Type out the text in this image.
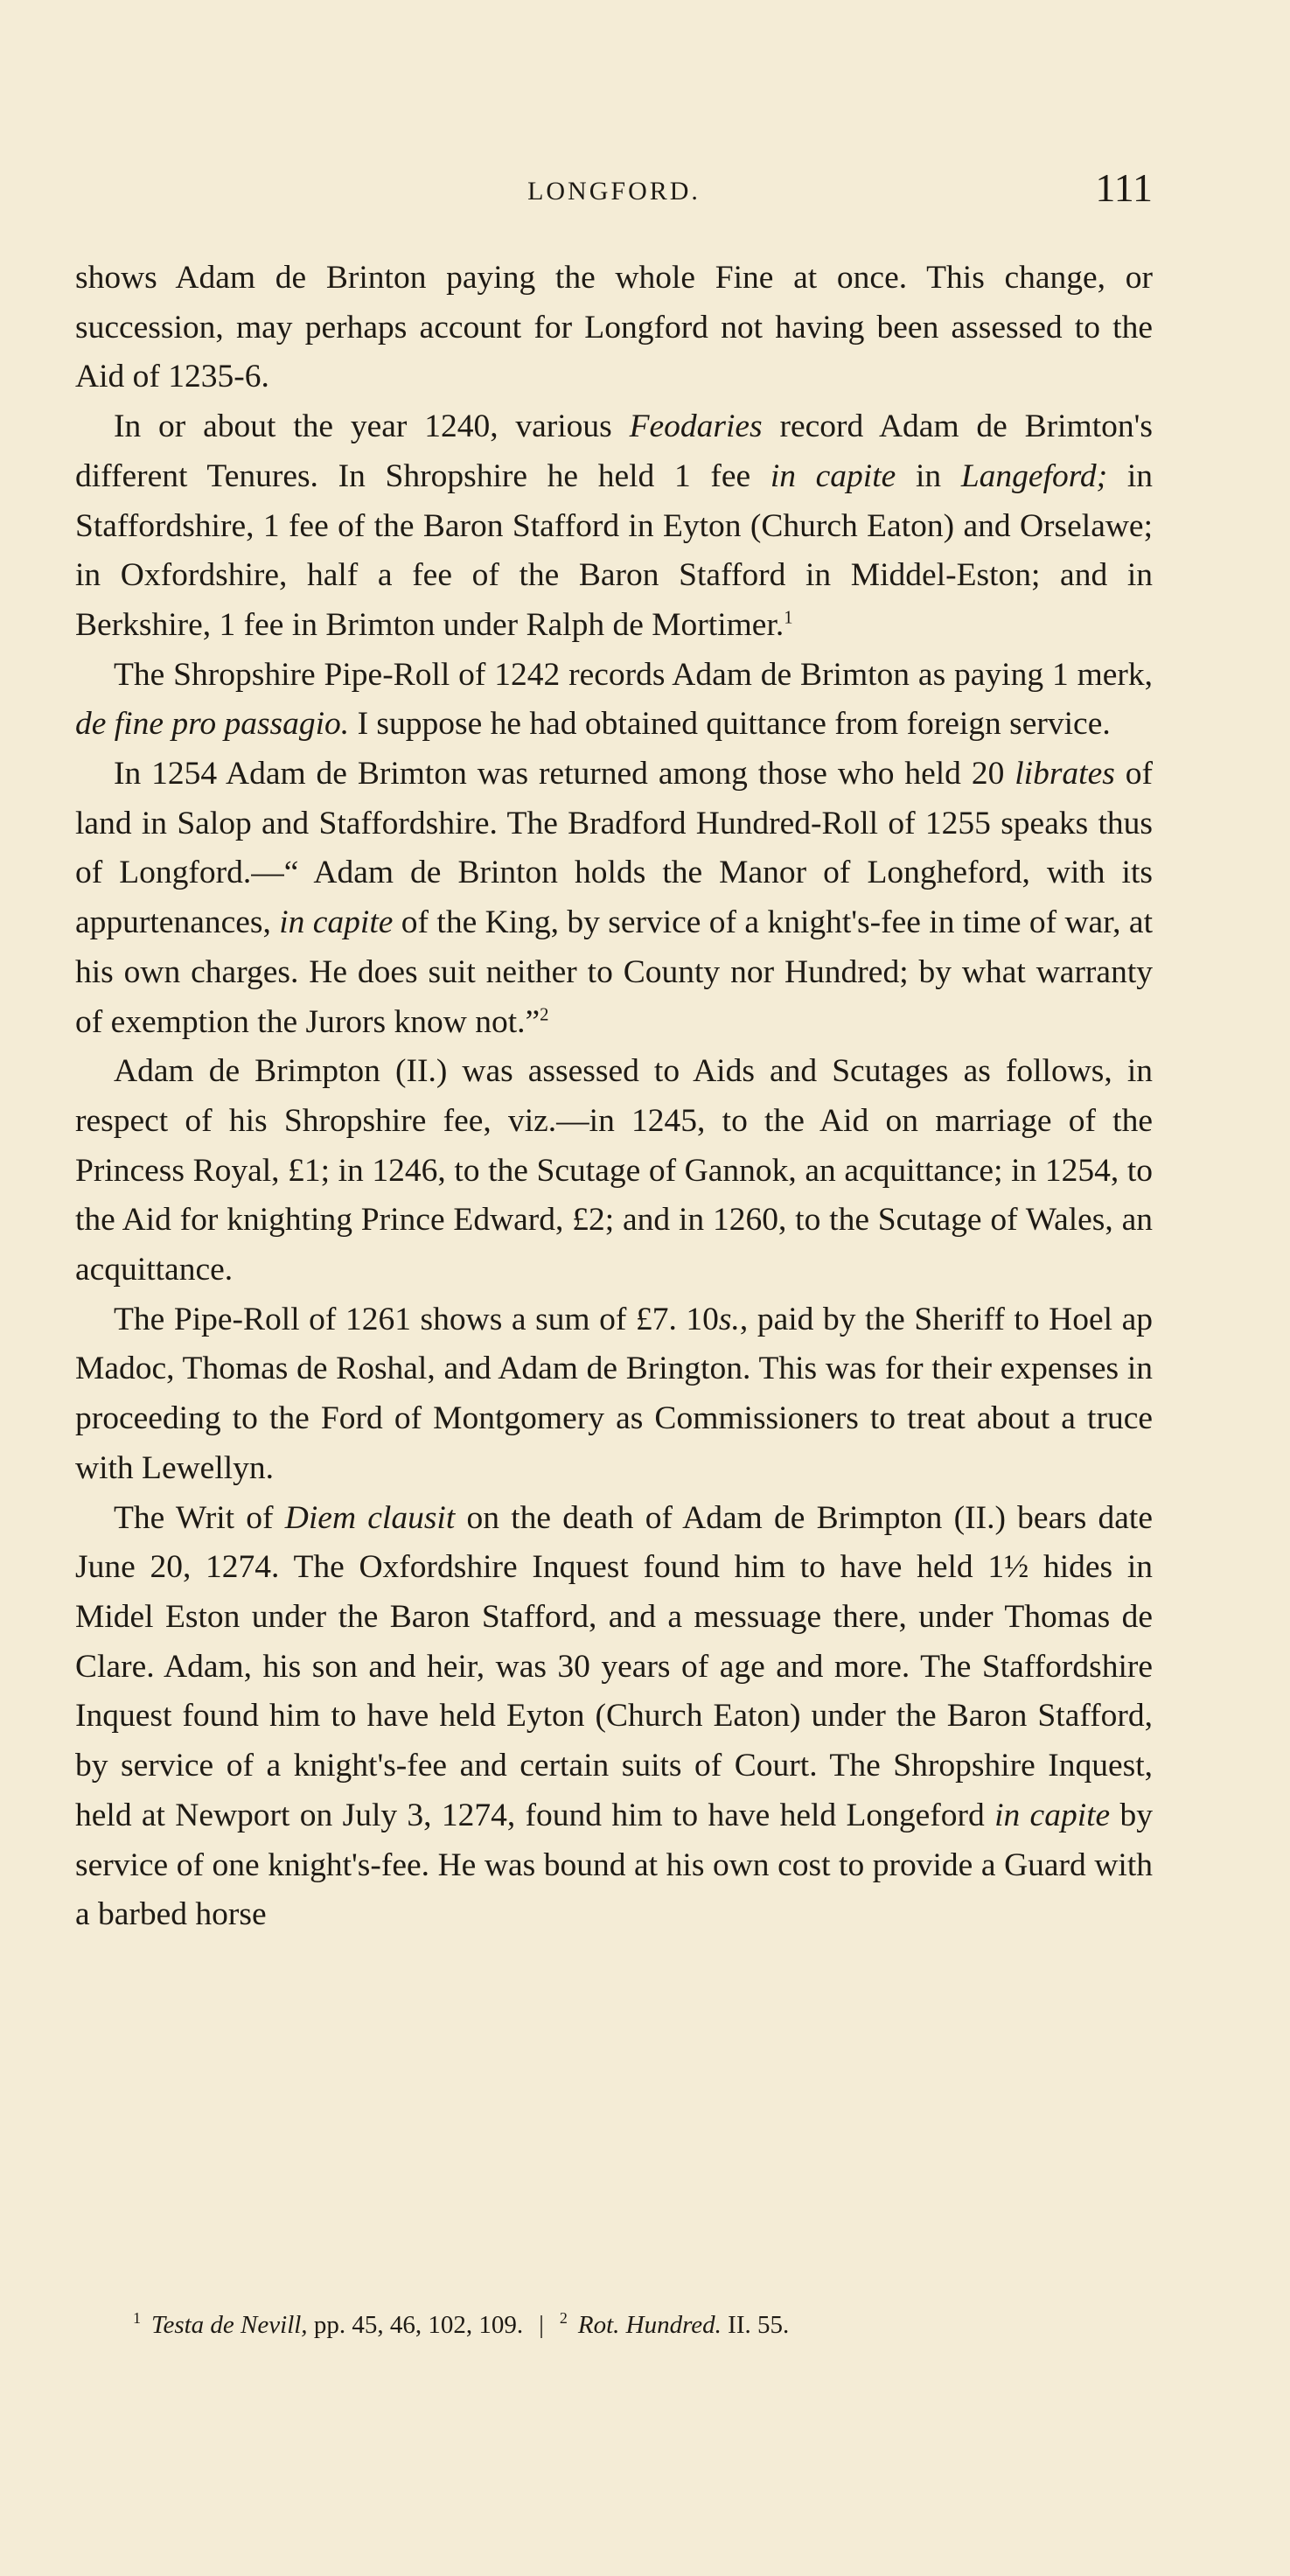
LONGFORD.	111

shows Adam de Brinton paying the whole Fine at once. This change, or succession, may perhaps account for Longford not having been assessed to the Aid of 1235-6.

In or about the year 1240, various Feodaries record Adam de Brimton's different Tenures. In Shropshire he held 1 fee in capite in Langeford; in Staffordshire, 1 fee of the Baron Stafford in Eyton (Church Eaton) and Orselawe; in Oxfordshire, half a fee of the Baron Stafford in Middel-Eston; and in Berkshire, 1 fee in Brimton under Ralph de Mortimer.$^1$

The Shropshire Pipe-Roll of 1242 records Adam de Brimton as paying 1 merk, de fine pro passagio. I suppose he had obtained quittance from foreign service.

In 1254 Adam de Brimton was returned among those who held 20 librates of land in Salop and Staffordshire. The Bradford Hundred-Roll of 1255 speaks thus of Longford.—“ Adam de Brinton holds the Manor of Longheford, with its appurtenances, in capite of the King, by service of a knight's-fee in time of war, at his own charges. He does suit neither to County nor Hundred; by what warranty of exemption the Jurors know not.”$^2$

Adam de Brimpton (II.) was assessed to Aids and Scutages as follows, in respect of his Shropshire fee, viz.—in 1245, to the Aid on marriage of the Princess Royal, £1; in 1246, to the Scutage of Gannok, an acquittance; in 1254, to the Aid for knighting Prince Edward, £2; and in 1260, to the Scutage of Wales, an acquittance.

The Pipe-Roll of 1261 shows a sum of £7. 10s., paid by the Sheriff to Hoel ap Madoc, Thomas de Roshal, and Adam de Brington. This was for their expenses in proceeding to the Ford of Montgomery as Commissioners to treat about a truce with Lewellyn.

The Writ of Diem clausit on the death of Adam de Brimpton (II.) bears date June 20, 1274. The Oxfordshire Inquest found him to have held 1½ hides in Midel Eston under the Baron Stafford, and a messuage there, under Thomas de Clare. Adam, his son and heir, was 30 years of age and more. The Staffordshire Inquest found him to have held Eyton (Church Eaton) under the Baron Stafford, by service of a knight's-fee and certain suits of Court. The Shropshire Inquest, held at Newport on July 3, 1274, found him to have held Longeford in capite by service of one knight's-fee. He was bound at his own cost to provide a Guard with a barbed horse

$^1$ Testa de Nevill, pp. 45, 46, 102, 109. | $^2$ Rot. Hundred. II. 55.
